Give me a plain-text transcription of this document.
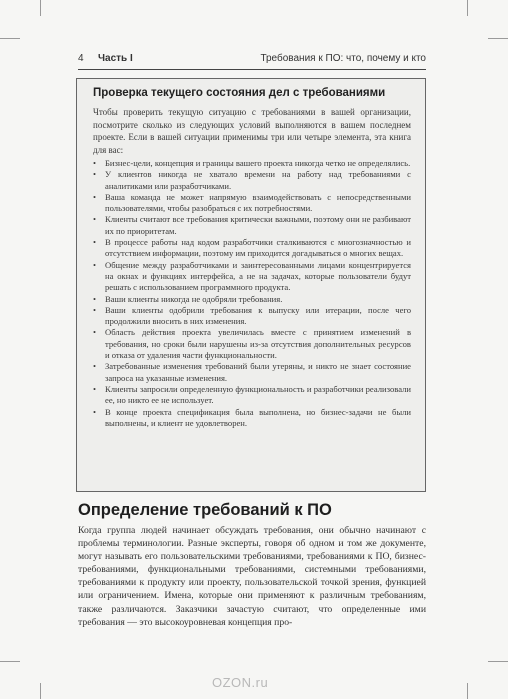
4 Часть I	Требования к ПО: что, почему и кто
Проверка текущего состояния дел с требованиями
Чтобы проверить текущую ситуацию с требованиями в вашей организации, посмотрите сколько из следующих условий выполняются в вашем последнем проекте. Если в вашей ситуации применимы три или четыре элемента, эта книга для вас:
• Бизнес-цели, концепция и границы вашего проекта никогда четко не определялись.
• У клиентов никогда не хватало времени на работу над требованиями с аналитиками или разработчиками.
• Ваша команда не может напрямую взаимодействовать с непосредственными пользователями, чтобы разобраться с их потребностями.
• Клиенты считают все требования критически важными, поэтому они не разбивают их по приоритетам.
• В процессе работы над кодом разработчики сталкиваются с многозначностью и отсутствием информации, поэтому им приходится догадываться о многих вещах.
• Общение между разработчиками и заинтересованными лицами концентрируется на окнах и функциях интерфейса, а не на задачах, которые пользователи будут решать с использованием программного продукта.
• Ваши клиенты никогда не одобряли требования.
• Ваши клиенты одобрили требования к выпуску или итерации, после чего продолжили вносить в них изменения.
• Область действия проекта увеличилась вместе с принятием изменений в требования, но сроки были нарушены из-за отсутствия дополнительных ресурсов и отказа от удаления части функциональности.
• Затребованные изменения требований были утеряны, и никто не знает состояние запроса на указанные изменения.
• Клиенты запросили определенную функциональность и разработчики реализовали ее, но никто ее не использует.
• В конце проекта спецификация была выполнена, но бизнес-задачи не были выполнены, и клиент не удовлетворен.
Определение требований к ПО
Когда группа людей начинает обсуждать требования, они обычно начинают с проблемы терминологии. Разные эксперты, говоря об одном и том же документе, могут называть его пользовательскими требованиями, требованиями к ПО, бизнес-требованиями, функциональными требованиями, системными требованиями, требованиями к продукту или проекту, пользовательской точкой зрения, функцией или ограничением. Имена, которые они применяют к различным требованиям, также различаются. Заказчики зачастую считают, что определенные ими требования — это высокоуровневая концепция про-
OZON.ru
